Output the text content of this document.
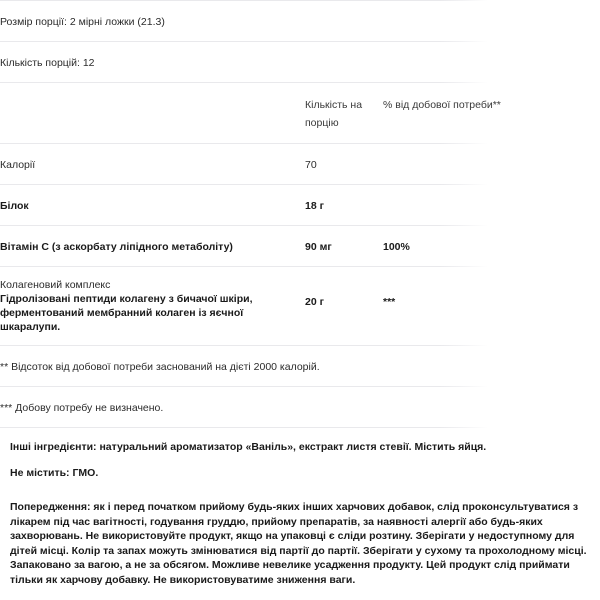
Розмір порції: 2 мірні ложки (21.3)		

Кількість порцій: 12		

	Кількість на порцію	% від добової потреби**

Калорії	70	

Білок	18 г	

Вітамін C (з аскорбату ліпідного метаболіту)	90 мг	100%

Колагеновий комплекс
Гідролізовані пептиди колагену з бичачої шкіри,
ферментований мембранний колаген із яєчної шкаралупи.	20 г	***

** Відсоток від добової потреби заснований на дієті 2000 калорій.		

*** Добову потребу не визначено.		

Інші інгредієнти: натуральний ароматизатор «Ваніль», екстракт листя стевії. Містить яйця.

Не містить: ГМО.

Попередження: як і перед початком прийому будь-яких інших харчових добавок, слід проконсультуватися з лікарем під час вагітності, годування груддю, прийому препаратів, за наявності алергії або будь-яких захворювань. Не використовуйте продукт, якщо на упаковці є сліди розтину. Зберігати у недоступному для дітей місці. Колір та запах можуть змінюватися від партії до партії. Зберігати у сухому та прохолодному місці. Запаковано за вагою, а не за обсягом. Можливе невелике усадження продукту. Цей продукт слід приймати тільки як харчову добавку. Не використовуватиме зниження ваги.
